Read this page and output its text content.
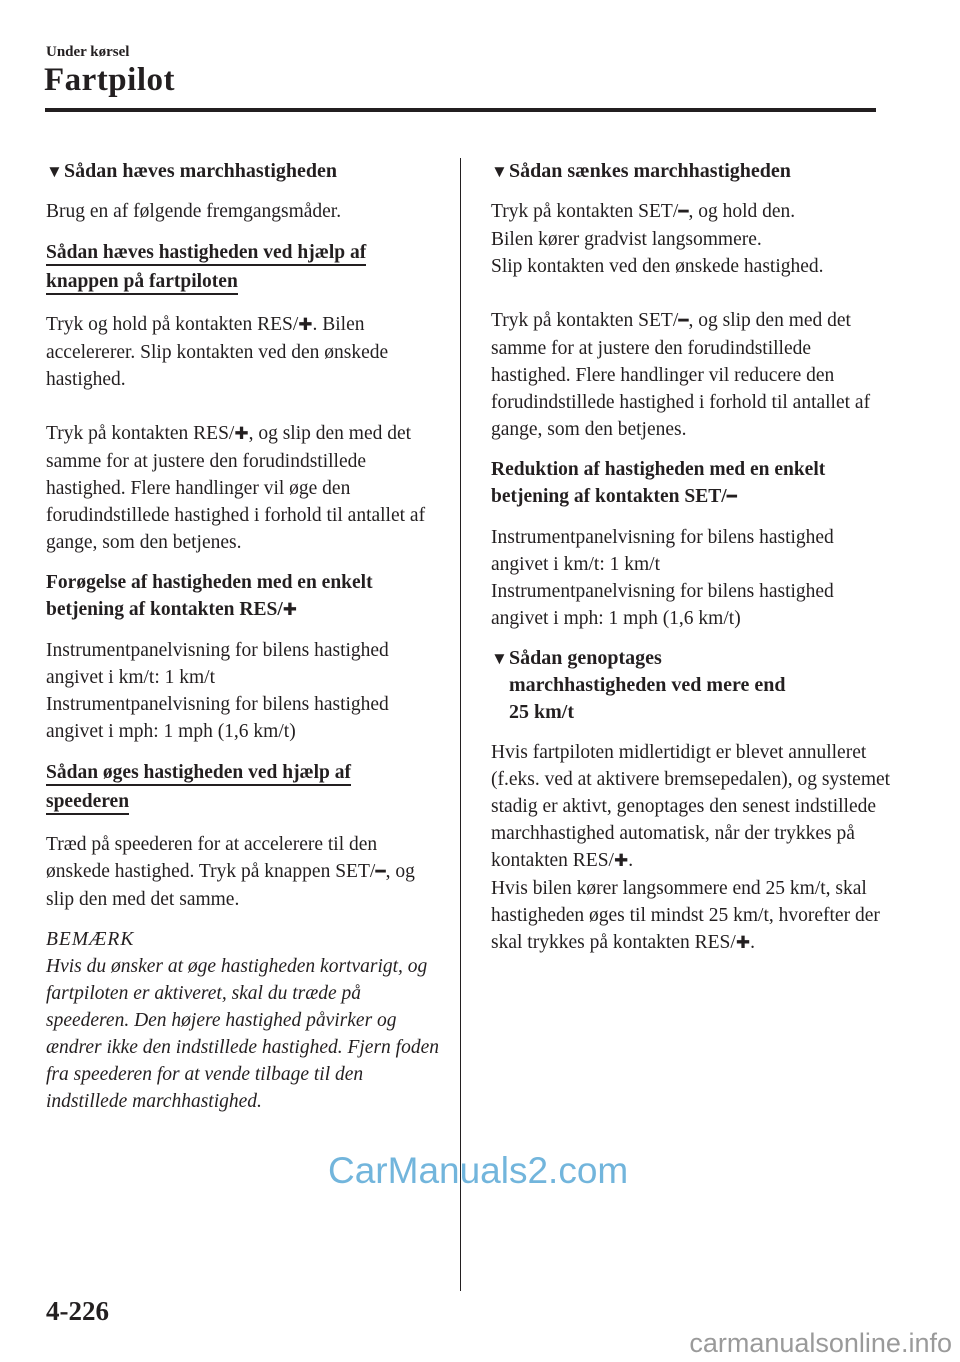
Under kørsel
Fartpilot
▼ Sådan hæves marchhastigheden

Brug en af følgende fremgangsmåder.

Sådan hæves hastigheden ved hjælp af
knappen på fartpiloten

Tryk og hold på kontakten RES/✚. Bilen accelererer. Slip kontakten ved den ønskede hastighed.

Tryk på kontakten RES/✚, og slip den med det samme for at justere den forudindstillede hastighed. Flere handlinger vil øge den forudindstillede hastighed i forhold til antallet af gange, som den betjenes.

Forøgelse af hastigheden med en enkelt
betjening af kontakten RES/✚

Instrumentpanelvisning for bilens hastighed angivet i km/t: 1 km/t

Instrumentpanelvisning for bilens hastighed angivet i mph: 1 mph (1,6 km/t)

Sådan øges hastigheden ved hjælp af
speederen

Træd på speederen for at accelerere til den ønskede hastighed. Tryk på knappen SET/━, og slip den med det samme.

BEMÆRK

Hvis du ønsker at øge hastigheden kortvarigt, og fartpiloten er aktiveret, skal du træde på speederen. Den højere hastighed påvirker og ændrer ikke den indstillede hastighed. Fjern foden fra speederen for at vende tilbage til den indstillede marchhastighed.

▼ Sådan sænkes marchhastigheden

Tryk på kontakten SET/━, og hold den.

Bilen kører gradvist langsommere.

Slip kontakten ved den ønskede hastighed.

Tryk på kontakten SET/━, og slip den med det samme for at justere den forudindstillede hastighed. Flere handlinger vil reducere den forudindstillede hastighed i forhold til antallet af gange, som den betjenes.

Reduktion af hastigheden med en enkelt
betjening af kontakten SET/━

Instrumentpanelvisning for bilens hastighed angivet i km/t: 1 km/t

Instrumentpanelvisning for bilens hastighed angivet i mph: 1 mph (1,6 km/t)

▼ Sådan genoptages
marchhastigheden ved mere end
25 km/t

Hvis fartpiloten midlertidigt er blevet annulleret (f.eks. ved at aktivere bremsepedalen), og systemet stadig er aktivt, genoptages den senest indstillede marchhastighed automatisk, når der trykkes på kontakten RES/✚.

Hvis bilen kører langsommere end 25 km/t, skal hastigheden øges til mindst 25 km/t, hvorefter der skal trykkes på kontakten RES/✚.

CarManuals2.com
4-226
carmanualsonline.info
